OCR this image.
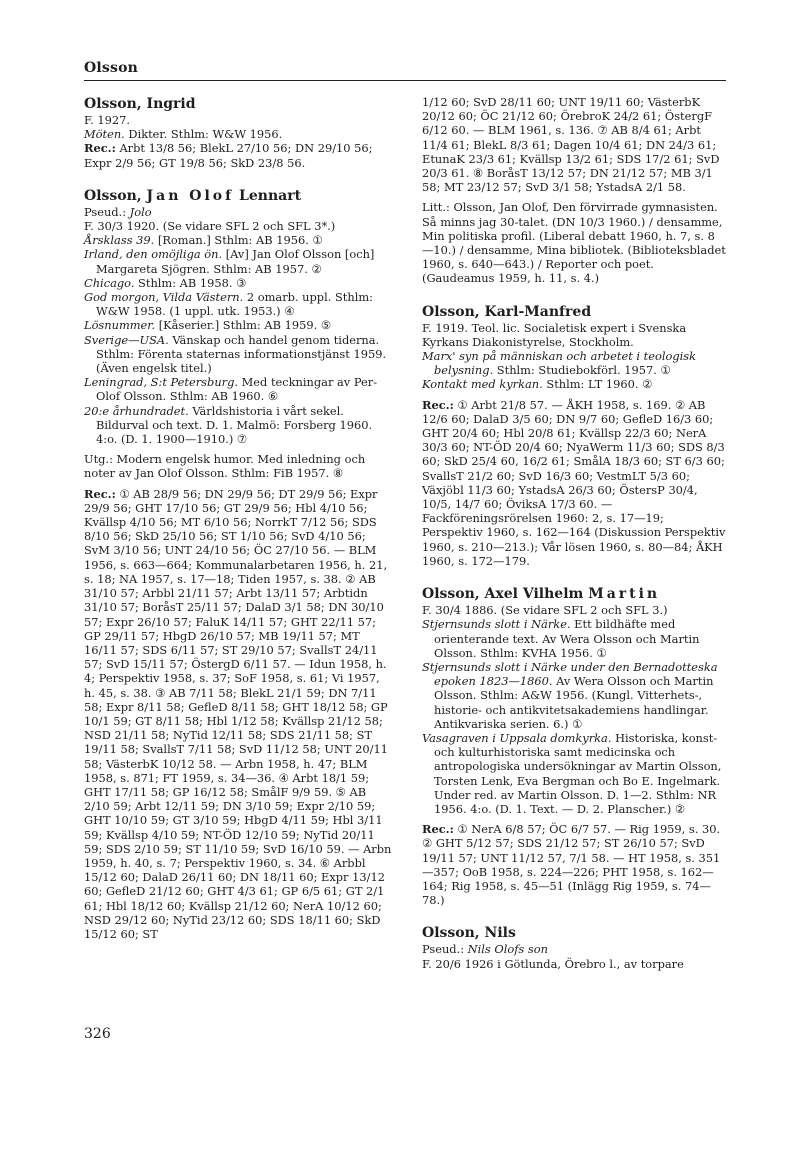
Olsson

Olsson, Ingrid

F. 1927.

Möten. Dikter. Sthlm: W&W 1956.

Rec.: Arbt 13/8 56; BlekL 27/10 56; DN 29/10 56; Expr 2/9 56; GT 19/8 56; SkD 23/8 56.

Olsson, Jan Olof Lennart

Pseud.: Jolo

F. 30/3 1920. (Se vidare SFL 2 och SFL 3*.)

Årsklass 39. [Roman.] Sthlm: AB 1956. ①

Irland, den omöjliga ön. [Av] Jan Olof Olsson [och] Margareta Sjögren. Sthlm: AB 1957. ②

Chicago. Sthlm: AB 1958. ③

God morgon, Vilda Västern. 2 omarb. uppl. Sthlm: W&W 1958. (1 uppl. utk. 1953.) ④

Lösnummer. [Kåserier.] Sthlm: AB 1959. ⑤

Sverige—USA. Vänskap och handel genom tiderna. Sthlm: Förenta staternas informationstjänst 1959. (Även engelsk titel.)

Leningrad, S:t Petersburg. Med teckningar av Per-Olof Olsson. Sthlm: AB 1960. ⑥

20:e århundradet. Världshistoria i vårt sekel. Bildurval och text. D. 1. Malmö: Forsberg 1960. 4:o. (D. 1. 1900—1910.) ⑦

Utg.: Modern engelsk humor. Med inledning och noter av Jan Olof Olsson. Sthlm: FiB 1957. ⑧

Rec.: ① AB 28/9 56; DN 29/9 56; DT 29/9 56; Expr 29/9 56; GHT 17/10 56; GT 29/9 56; Hbl 4/10 56; Kvällsp 4/10 56; MT 6/10 56; NorrkT 7/12 56; SDS 8/10 56; SkD 25/10 56; ST 1/10 56; SvD 4/10 56; SvM 3/10 56; UNT 24/10 56; ÖC 27/10 56. — BLM 1956, s. 663—664; Kommunalarbetaren 1956, h. 21, s. 18; NA 1957, s. 17—18; Tiden 1957, s. 38. ② AB 31/10 57; Arbbl 21/11 57; Arbt 13/11 57; Arbtidn 31/10 57; BoråsT 25/11 57; DalaD 3/1 58; DN 30/10 57; Expr 26/10 57; FaluK 14/11 57; GHT 22/11 57; GP 29/11 57; HbgD 26/10 57; MB 19/11 57; MT 16/11 57; SDS 6/11 57; ST 29/10 57; SvallsT 24/11 57; SvD 15/11 57; ÖstergD 6/11 57. — Idun 1958, h. 4; Perspektiv 1958, s. 37; SoF 1958, s. 61; Vi 1957, h. 45, s. 38. ③ AB 7/11 58; BlekL 21/1 59; DN 7/11 58; Expr 8/11 58; GefleD 8/11 58; GHT 18/12 58; GP 10/1 59; GT 8/11 58; Hbl 1/12 58; Kvällsp 21/12 58; NSD 21/11 58; NyTid 12/11 58; SDS 21/11 58; ST 19/11 58; SvallsT 7/11 58; SvD 11/12 58; UNT 20/11 58; VästerbK 10/12 58. — Arbn 1958, h. 47; BLM 1958, s. 871; FT 1959, s. 34—36. ④ Arbt 18/1 59; GHT 17/11 58; GP 16/12 58; SmålF 9/9 59. ⑤ AB 2/10 59; Arbt 12/11 59; DN 3/10 59; Expr 2/10 59; GHT 10/10 59; GT 3/10 59; HbgD 4/11 59; Hbl 3/11 59; Kvällsp 4/10 59; NT-ÖD 12/10 59; NyTid 20/11 59; SDS 2/10 59; ST 11/10 59; SvD 16/10 59. — Arbn 1959, h. 40, s. 7; Perspektiv 1960, s. 34. ⑥ Arbbl 15/12 60; DalaD 26/11 60; DN 18/11 60; Expr 13/12 60; GefleD 21/12 60; GHT 4/3 61; GP 6/5 61; GT 2/1 61; Hbl 18/12 60; Kvällsp 21/12 60; NerA 10/12 60; NSD 29/12 60; NyTid 23/12 60; SDS 18/11 60; SkD 15/12 60; ST

1/12 60; SvD 28/11 60; UNT 19/11 60; VästerbK 20/12 60; ÖC 21/12 60; ÖrebroK 24/2 61; ÖstergF 6/12 60. — BLM 1961, s. 136. ⑦ AB 8/4 61; Arbt 11/4 61; BlekL 8/3 61; Dagen 10/4 61; DN 24/3 61; EtunaK 23/3 61; Kvällsp 13/2 61; SDS 17/2 61; SvD 20/3 61. ⑧ BoråsT 13/12 57; DN 21/12 57; MB 3/1 58; MT 23/12 57; SvD 3/1 58; YstadsA 2/1 58.

Litt.: Olsson, Jan Olof, Den förvirrade gymnasisten. Så minns jag 30-talet. (DN 10/3 1960.) / densamme, Min politiska profil. (Liberal debatt 1960, h. 7, s. 8—10.) / densamme, Mina bibliotek. (Biblioteksbladet 1960, s. 640—643.) / Reporter och poet. (Gaudeamus 1959, h. 11, s. 4.)

Olsson, Karl-Manfred

F. 1919. Teol. lic. Socialetisk expert i Svenska Kyrkans Diakonistyrelse, Stockholm.

Marx' syn på människan och arbetet i teologisk belysning. Sthlm: Studiebokförl. 1957. ①

Kontakt med kyrkan. Sthlm: LT 1960. ②

Rec.: ① Arbt 21/8 57. — ÅKH 1958, s. 169. ② AB 12/6 60; DalaD 3/5 60; DN 9/7 60; GefleD 16/3 60; GHT 20/4 60; Hbl 20/8 61; Kvällsp 22/3 60; NerA 30/3 60; NT-ÖD 20/4 60; NyaWerm 11/3 60; SDS 8/3 60; SkD 25/4 60, 16/2 61; SmålA 18/3 60; ST 6/3 60; SvallsT 21/2 60; SvD 16/3 60; VestmLT 5/3 60; Växjöbl 11/3 60; YstadsA 26/3 60; ÖstersP 30/4, 10/5, 14/7 60; ÖviksA 17/3 60. — Fackföreningsrörelsen 1960: 2, s. 17—19; Perspektiv 1960, s. 162—164 (Diskussion Perspektiv 1960, s. 210—213.); Vår lösen 1960, s. 80—84; ÅKH 1960, s. 172—179.

Olsson, Axel Vilhelm Martin

F. 30/4 1886. (Se vidare SFL 2 och SFL 3.)

Stjernsunds slott i Närke. Ett bildhäfte med orienterande text. Av Wera Olsson och Martin Olsson. Sthlm: KVHA 1956. ①

Stjernsunds slott i Närke under den Bernadotteska epoken 1823—1860. Av Wera Olsson och Martin Olsson. Sthlm: A&W 1956. (Kungl. Vitterhets-, historie- och antikvitetsakademiens handlingar. Antikvariska serien. 6.) ①

Vasagraven i Uppsala domkyrka. Historiska, konst- och kulturhistoriska samt medicinska och antropologiska undersökningar av Martin Olsson, Torsten Lenk, Eva Bergman och Bo E. Ingelmark. Under red. av Martin Olsson. D. 1—2. Sthlm: NR 1956. 4:o. (D. 1. Text. — D. 2. Planscher.) ②

Rec.: ① NerA 6/8 57; ÖC 6/7 57. — Rig 1959, s. 30. ② GHT 5/12 57; SDS 21/12 57; ST 26/10 57; SvD 19/11 57; UNT 11/12 57, 7/1 58. — HT 1958, s. 351—357; OoB 1958, s. 224—226; PHT 1958, s. 162—164; Rig 1958, s. 45—51 (Inlägg Rig 1959, s. 74—78.)

Olsson, Nils

Pseud.: Nils Olofs son

F. 20/6 1926 i Götlunda, Örebro l., av torpare

326
